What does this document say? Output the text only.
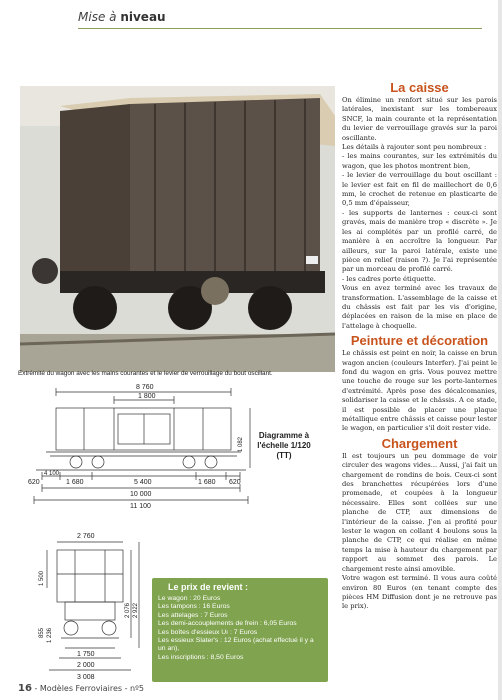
Mise à niveau
Extrémité du wagon avec les mains courantes et le levier de verrouillage du bout oscillant.
8 760
1 800
4 100
620	1 680	5 400	1 680 620
10 000
11 100
1 082
Diagramme à l'échelle 1/120 (TT)
2 760
1 500
2 076 2 922
855 1 236
1 750
2 000
3 008
Le prix de revient :
Le wagon : 20 Euros
Les tampons : 16 Euros
Les attelages : 7 Euros
Les demi-accouplements de frein : 6,05 Euros
Les boîtes d'essieux Uı : 7 Euros
Les essieux Slater's : 12 Euros (achat effectué il y a un an),
Les inscriptions : 8,50 Euros
La caisse

On élimine un renfort situé sur les parois latérales, inexistant sur les tombereaux SNCF, la main courante et la représentation du levier de verrouillage gravés sur la paroi oscillante.

Les détails à rajouter sont peu nombreux :

- les mains courantes, sur les extrémités du wagon, que les photos montrent bien,

- le levier de verrouillage du bout oscillant : le levier est fait en fil de maillechort de 0,6 mm, le crochet de retenue en plasticarte de 0,5 mm d'épaisseur,

- les supports de lanternes : ceux-ci sont gravés, mais de manière trop « discrète ». Je les ai complétés par un profilé carré, de manière à en accroître la longueur. Par ailleurs, sur la paroi latérale, existe une pièce en relief (raison ?). Je l'ai représentée par un morceau de profilé carré.

- les cadres porte étiquette.

Vous en avez terminé avec les travaux de transformation. L'assemblage de la caisse et du châssis est fait par les vis d'origine, déplacées en raison de la mise en place de l'attelage à choquelle.

Peinture et décoration

Le châssis est peint en noir, la caisse en brun wagon ancien (couleurs Interfer). J'ai peint le fond du wagon en gris. Vous pouvez mettre une touche de rouge sur les porte-lanternes d'extrémité. Après pose des décalcomanies, solidariser la caisse et le châssis. A ce stade, il est possible de placer une plaque métallique entre châssis et caisse pour lester le wagon, en particulier s'il doit rester vide.

Chargement

Il est toujours un peu dommage de voir circuler des wagons vides... Aussi, j'ai fait un chargement de rondins de bois. Ceux-ci sont des branchettes récupérées lors d'une promenade, et coupées à la longueur nécessaire. Elles sont collées sur une planche de CTP, aux dimensions de l'intérieur de la caisse. J'en ai profité pour lester le wagon en collant 4 boulons sous la planche de CTP, ce qui réalise en même temps la mise à hauteur du chargement par rapport au sommet des parois. Le chargement reste ainsi amovible.

Votre wagon est terminé. Il vous aura coûté environ 80 Euros (en tenant compte des pièces HM Diffusion dont je ne retrouve pas le prix).

16 - Modèles Ferroviaires - nº5
